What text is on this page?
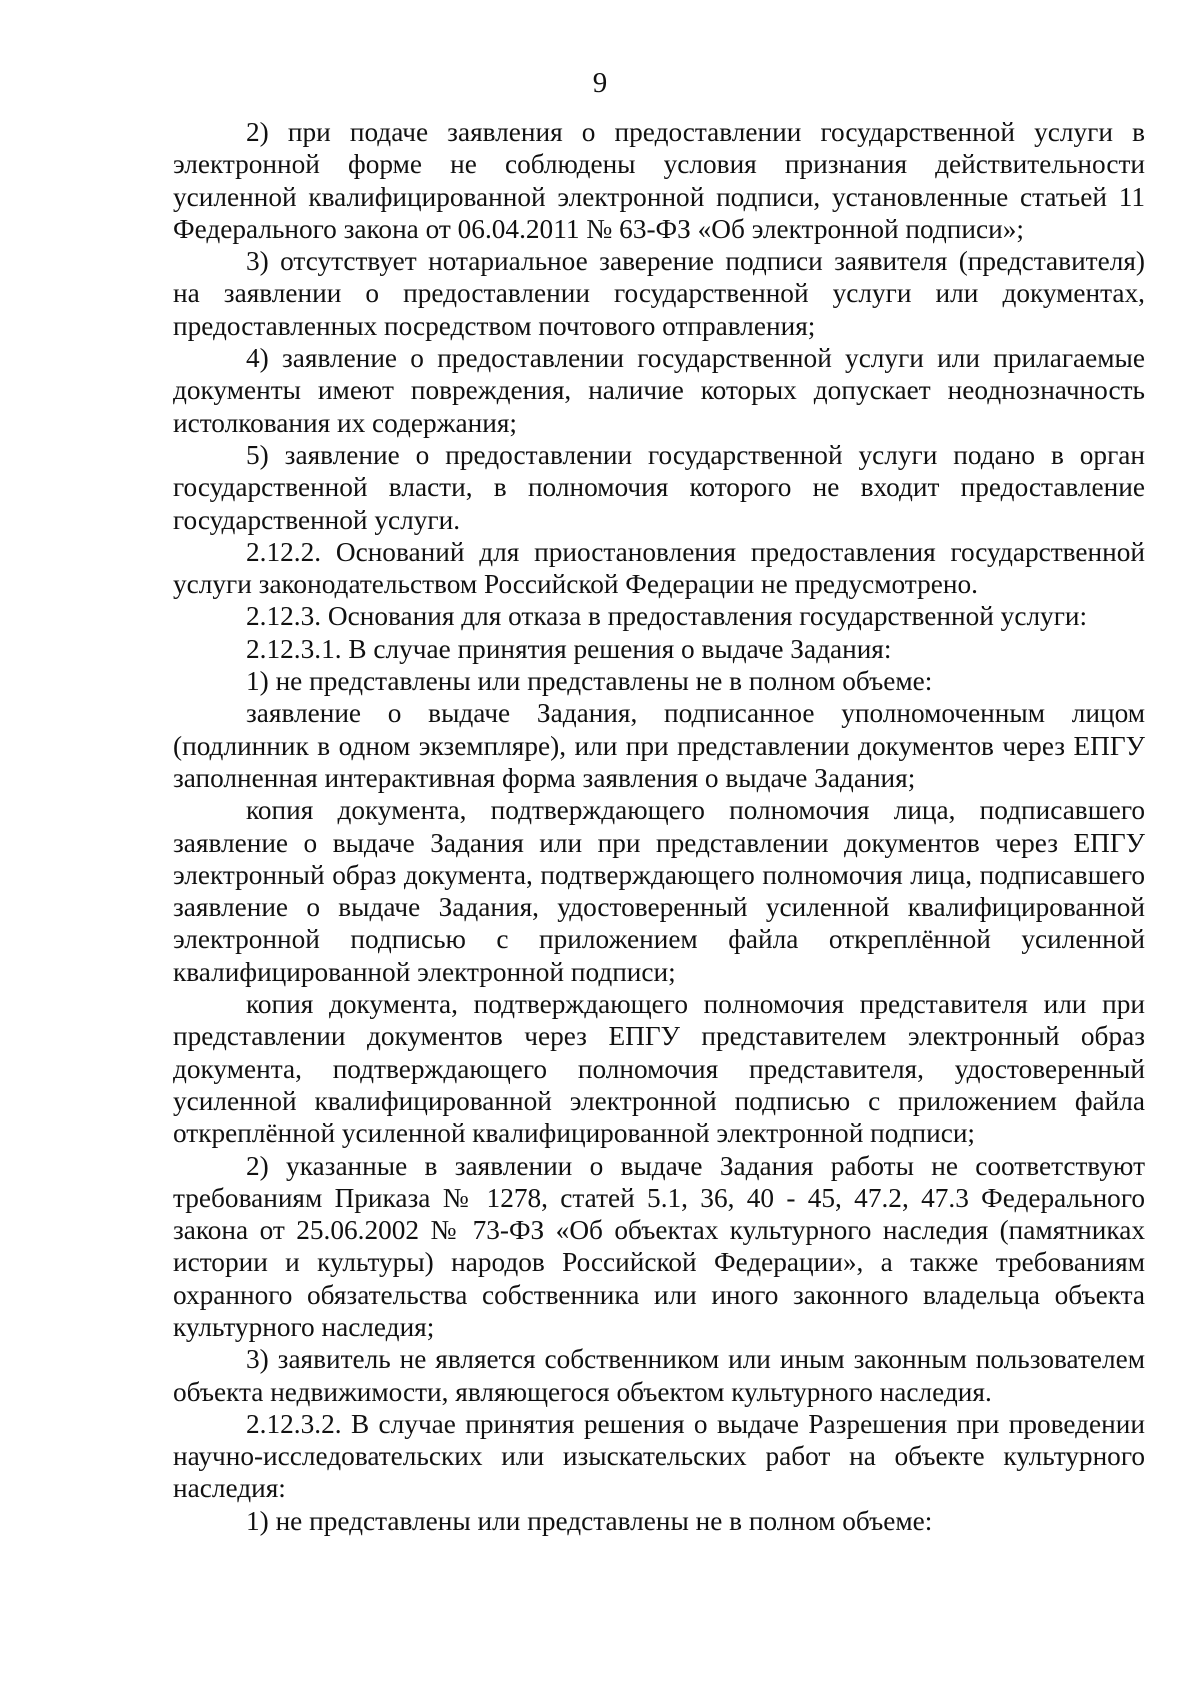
9

2) при подаче заявления о предоставлении государственной услуги в электронной форме не соблюдены условия признания действительности усиленной квалифицированной электронной подписи, установленные статьей 11 Федерального закона от 06.04.2011 № 63-ФЗ «Об электронной подписи»;

3) отсутствует нотариальное заверение подписи заявителя (представителя) на заявлении о предоставлении государственной услуги или документах, предоставленных посредством почтового отправления;

4) заявление о предоставлении государственной услуги или прилагаемые документы имеют повреждения, наличие которых допускает неоднозначность истолкования их содержания;

5) заявление о предоставлении государственной услуги подано в орган государственной власти, в полномочия которого не входит предоставление государственной услуги.

2.12.2. Оснований для приостановления предоставления государственной услуги законодательством Российской Федерации не предусмотрено.

2.12.3. Основания для отказа в предоставления государственной услуги:

2.12.3.1. В случае принятия решения о выдаче Задания:

1) не представлены или представлены не в полном объеме:

заявление о выдаче Задания, подписанное уполномоченным лицом (подлинник в одном экземпляре), или при представлении документов через ЕПГУ заполненная интерактивная форма заявления о выдаче Задания;

копия документа, подтверждающего полномочия лица, подписавшего заявление о выдаче Задания или при представлении документов через ЕПГУ электронный образ документа, подтверждающего полномочия лица, подписавшего заявление о выдаче Задания, удостоверенный усиленной квалифицированной электронной подписью с приложением файла откреплённой усиленной квалифицированной электронной подписи;

копия документа, подтверждающего полномочия представителя или при представлении документов через ЕПГУ представителем электронный образ документа, подтверждающего полномочия представителя, удостоверенный усиленной квалифицированной электронной подписью с приложением файла откреплённой усиленной квалифицированной электронной подписи;

2) указанные в заявлении о выдаче Задания работы не соответствуют требованиям Приказа № 1278, статей 5.1, 36, 40 - 45, 47.2, 47.3 Федерального закона от 25.06.2002 № 73-ФЗ «Об объектах культурного наследия (памятниках истории и культуры) народов Российской Федерации», а также требованиям охранного обязательства собственника или иного законного владельца объекта культурного наследия;

3) заявитель не является собственником или иным законным пользователем объекта недвижимости, являющегося объектом культурного наследия.

2.12.3.2. В случае принятия решения о выдаче Разрешения при проведении научно-исследовательских или изыскательских работ на объекте культурного наследия:

1) не представлены или представлены не в полном объеме:
